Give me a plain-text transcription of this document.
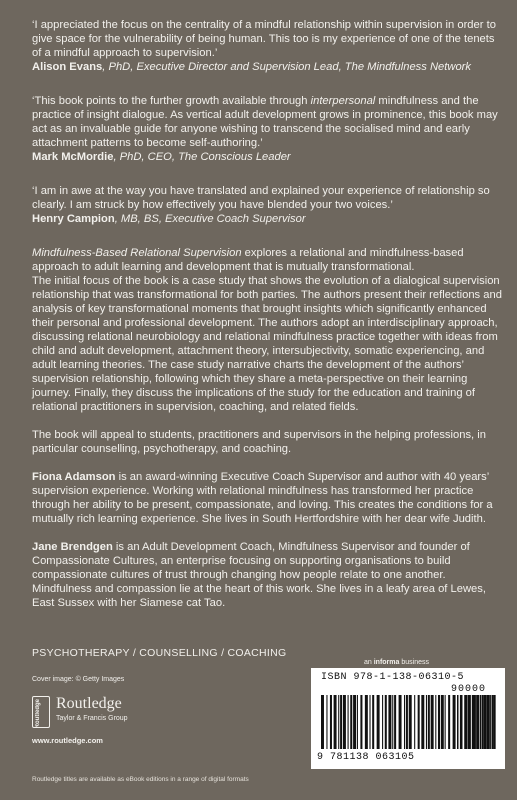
‘I appreciated the focus on the centrality of a mindful relationship within supervision in order to give space for the vulnerability of being human. This too is my experience of one of the tenets of a mindful approach to supervision.’

Alison Evans, PhD, Executive Director and Supervision Lead, The Mindfulness Network

‘This book points to the further growth available through interpersonal mindfulness and the practice of insight dialogue. As vertical adult development grows in prominence, this book may act as an invaluable guide for anyone wishing to transcend the socialised mind and early attachment patterns to become self-authoring.’

Mark McMordie, PhD, CEO, The Conscious Leader

‘I am in awe at the way you have translated and explained your experience of relationship so clearly. I am struck by how effectively you have blended your two voices.’

Henry Campion, MB, BS, Executive Coach Supervisor

Mindfulness-Based Relational Supervision explores a relational and mindfulness-based approach to adult learning and development that is mutually transformational.

The initial focus of the book is a case study that shows the evolution of a dialogical supervision relationship that was transformational for both parties. The authors present their reflections and analysis of key transformational moments that brought insights which significantly enhanced their personal and professional development. The authors adopt an interdisciplinary approach, discussing relational neurobiology and relational mindfulness practice together with ideas from child and adult development, attachment theory, intersubjectivity, somatic experiencing, and adult learning theories. The case study narrative charts the development of the authors’ supervision relationship, following which they share a meta-perspective on their learning journey. Finally, they discuss the implications of the study for the education and training of relational practitioners in supervision, coaching, and related fields.

The book will appeal to students, practitioners and supervisors in the helping professions, in particular counselling, psychotherapy, and coaching.

Fiona Adamson is an award-winning Executive Coach Supervisor and author with 40 years’ supervision experience. Working with relational mindfulness has transformed her practice through her ability to be present, compassionate, and loving. This creates the conditions for a mutually rich learning experience. She lives in South Hertfordshire with her dear wife Judith.

Jane Brendgen is an Adult Development Coach, Mindfulness Supervisor and founder of Compassionate Cultures, an enterprise focusing on supporting organisations to build compassionate cultures of trust through changing how people relate to one another. Mindfulness and compassion lie at the heart of this work. She lives in a leafy area of Lewes, East Sussex with her Siamese cat Tao.

PSYCHOTHERAPY / COUNSELLING / COACHING
Cover image: © Getty Images
Routledge Routledge
Taylor & Francis Group
www.routledge.com
an informa business
ISBN 978-1-138-06310-5
90000
9 781138 063105
Routledge titles are available as eBook editions in a range of digital formats
